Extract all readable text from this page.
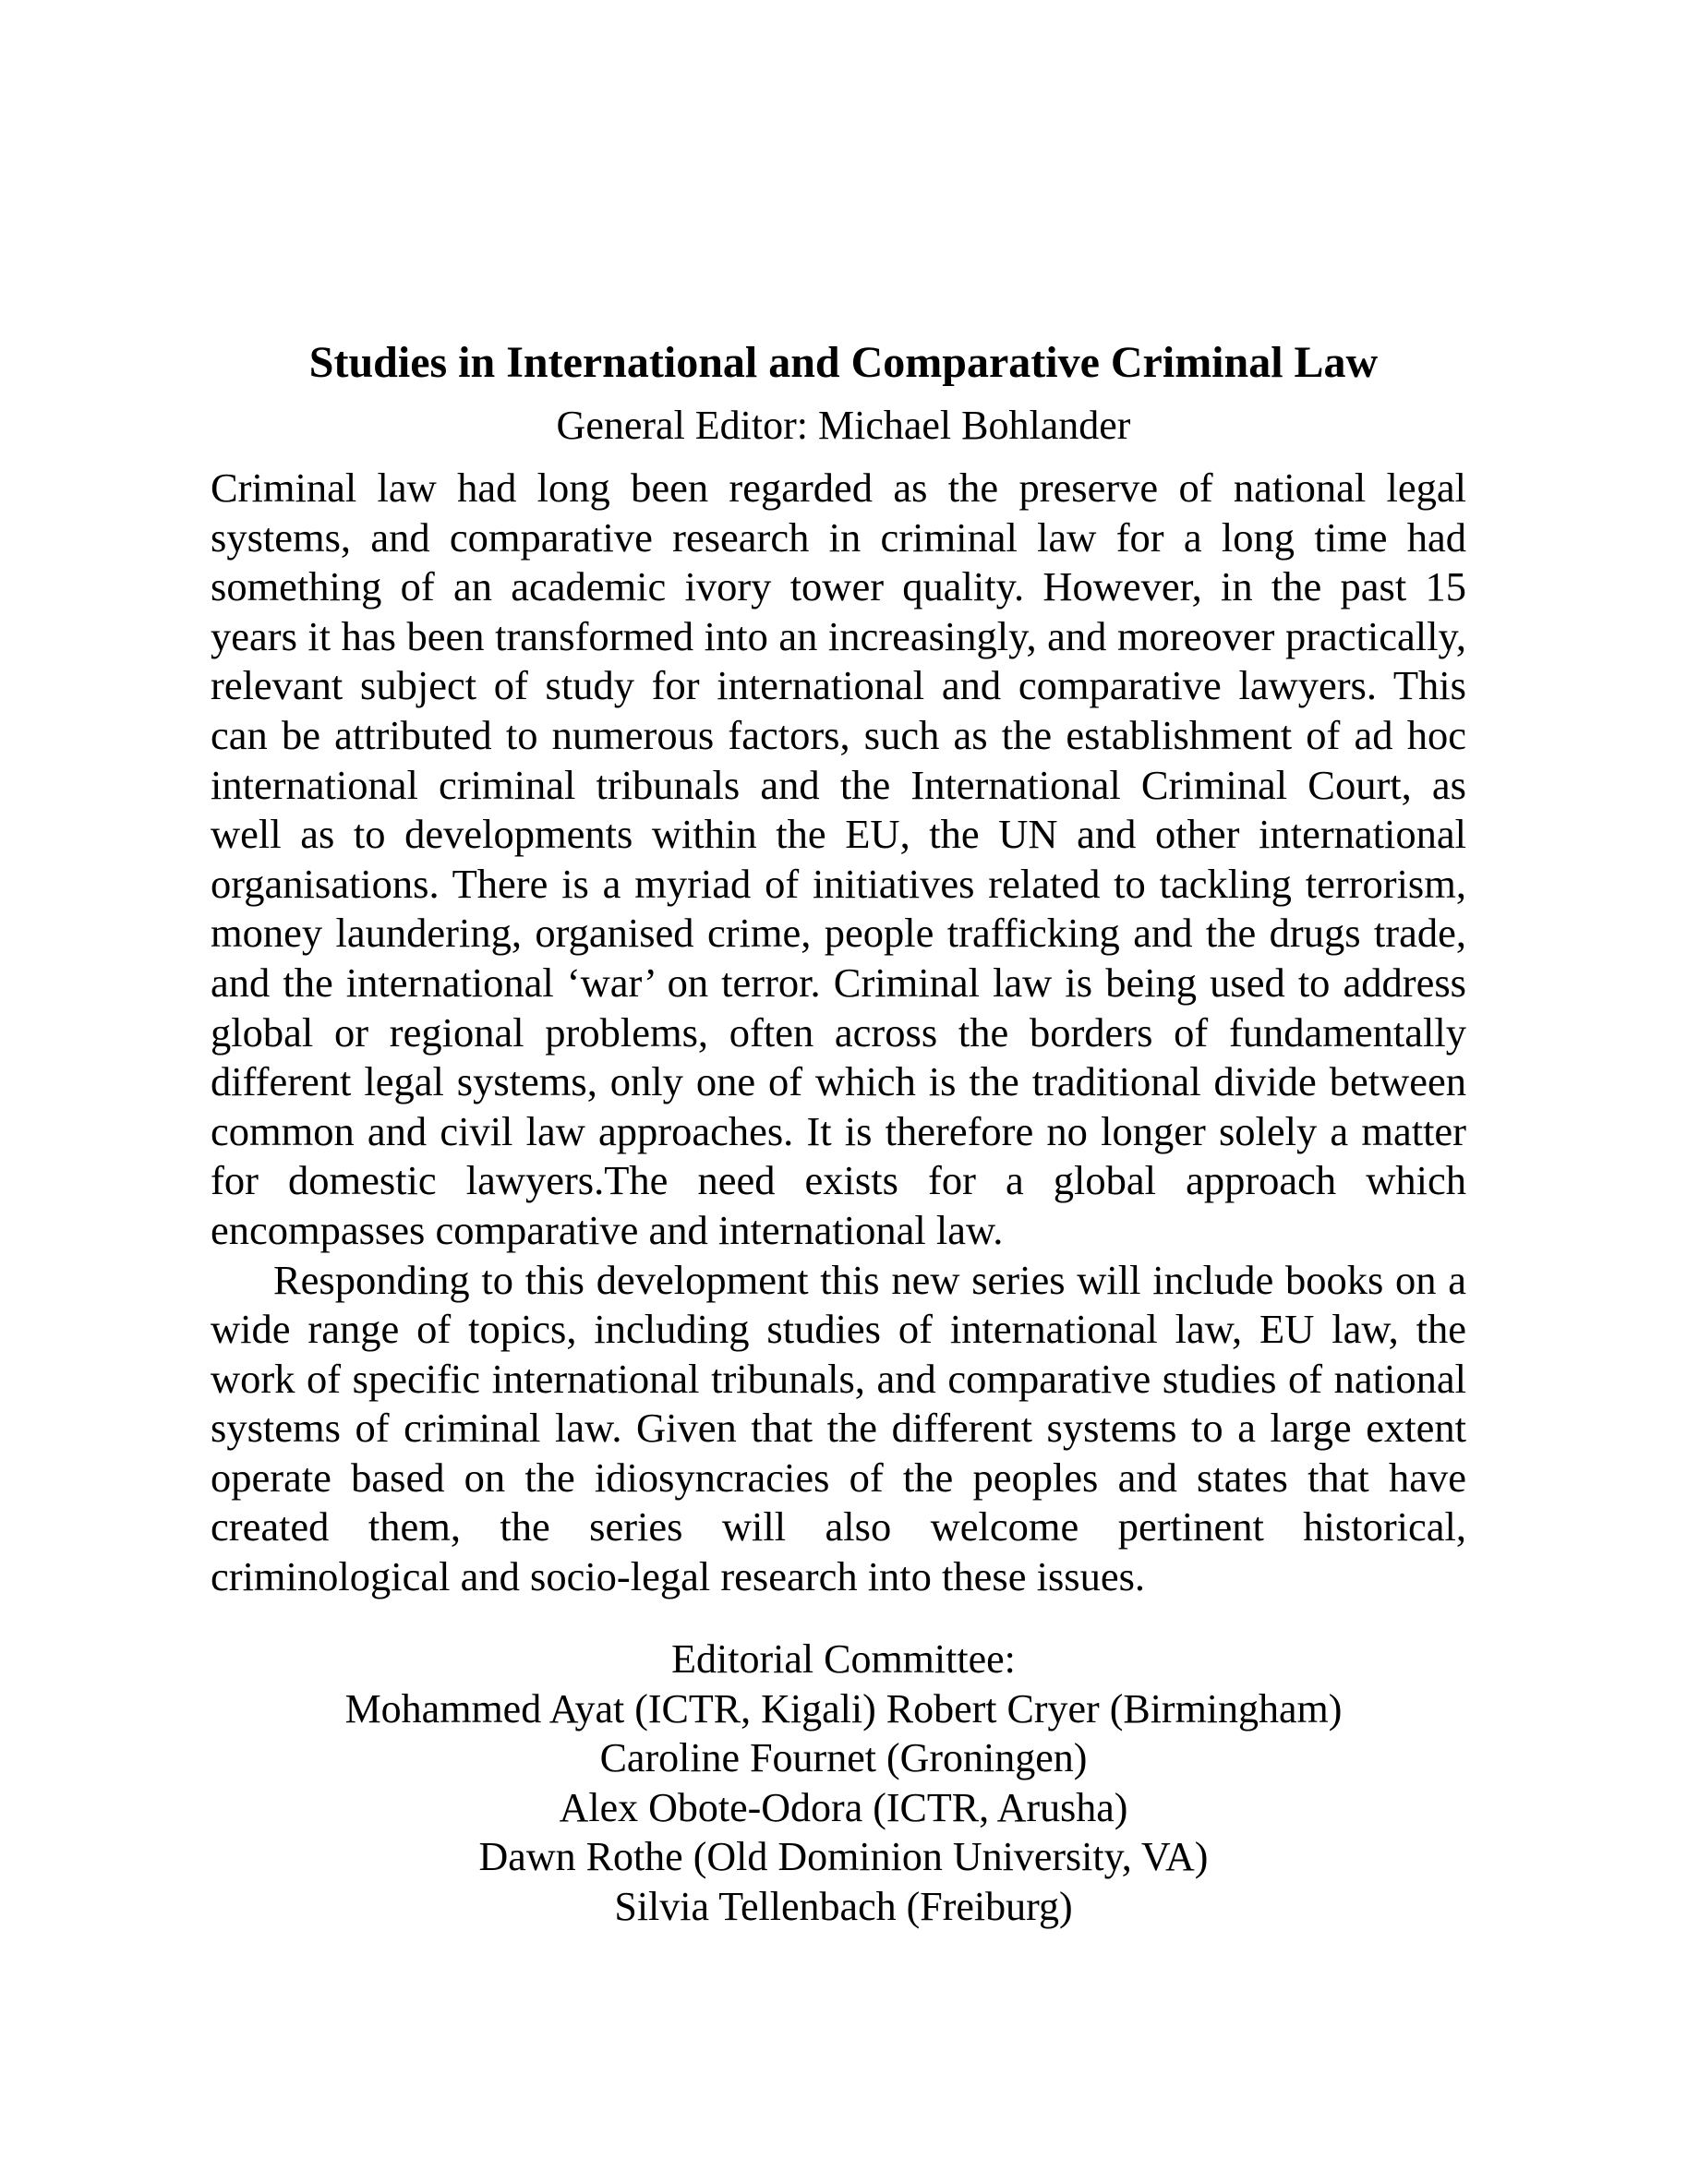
Studies in International and Comparative Criminal Law
General Editor: Michael Bohlander

Criminal law had long been regarded as the preserve of national legal
systems, and comparative research in criminal law for a long time had
something of an academic ivory tower quality. However, in the past 15
years it has been transformed into an increasingly, and moreover practically,
relevant subject of study for international and comparative lawyers. This
can be attributed to numerous factors, such as the establishment of ad hoc
international criminal tribunals and the International Criminal Court, as
well as to developments within the EU, the UN and other international
organisations. There is a myriad of initiatives related to tackling terrorism,
money laundering, organised crime, people trafficking and the drugs trade,
and the international ‘war’ on terror. Criminal law is being used to address
global or regional problems, often across the borders of fundamentally
different legal systems, only one of which is the traditional divide between
common and civil law approaches. It is therefore no longer solely a matter
for domestic lawyers.The need exists for a global approach which
encompasses comparative and international law.

Responding to this development this new series will include books on a
wide range of topics, including studies of international law, EU law, the
work of specific international tribunals, and comparative studies of national
systems of criminal law. Given that the different systems to a large extent
operate based on the idiosyncracies of the peoples and states that have
created them, the series will also welcome pertinent historical,
criminological and socio-legal research into these issues.

Editorial Committee:
Mohammed Ayat (ICTR, Kigali) Robert Cryer (Birmingham)
Caroline Fournet (Groningen)
Alex Obote-Odora (ICTR, Arusha)
Dawn Rothe (Old Dominion University, VA)
Silvia Tellenbach (Freiburg)
